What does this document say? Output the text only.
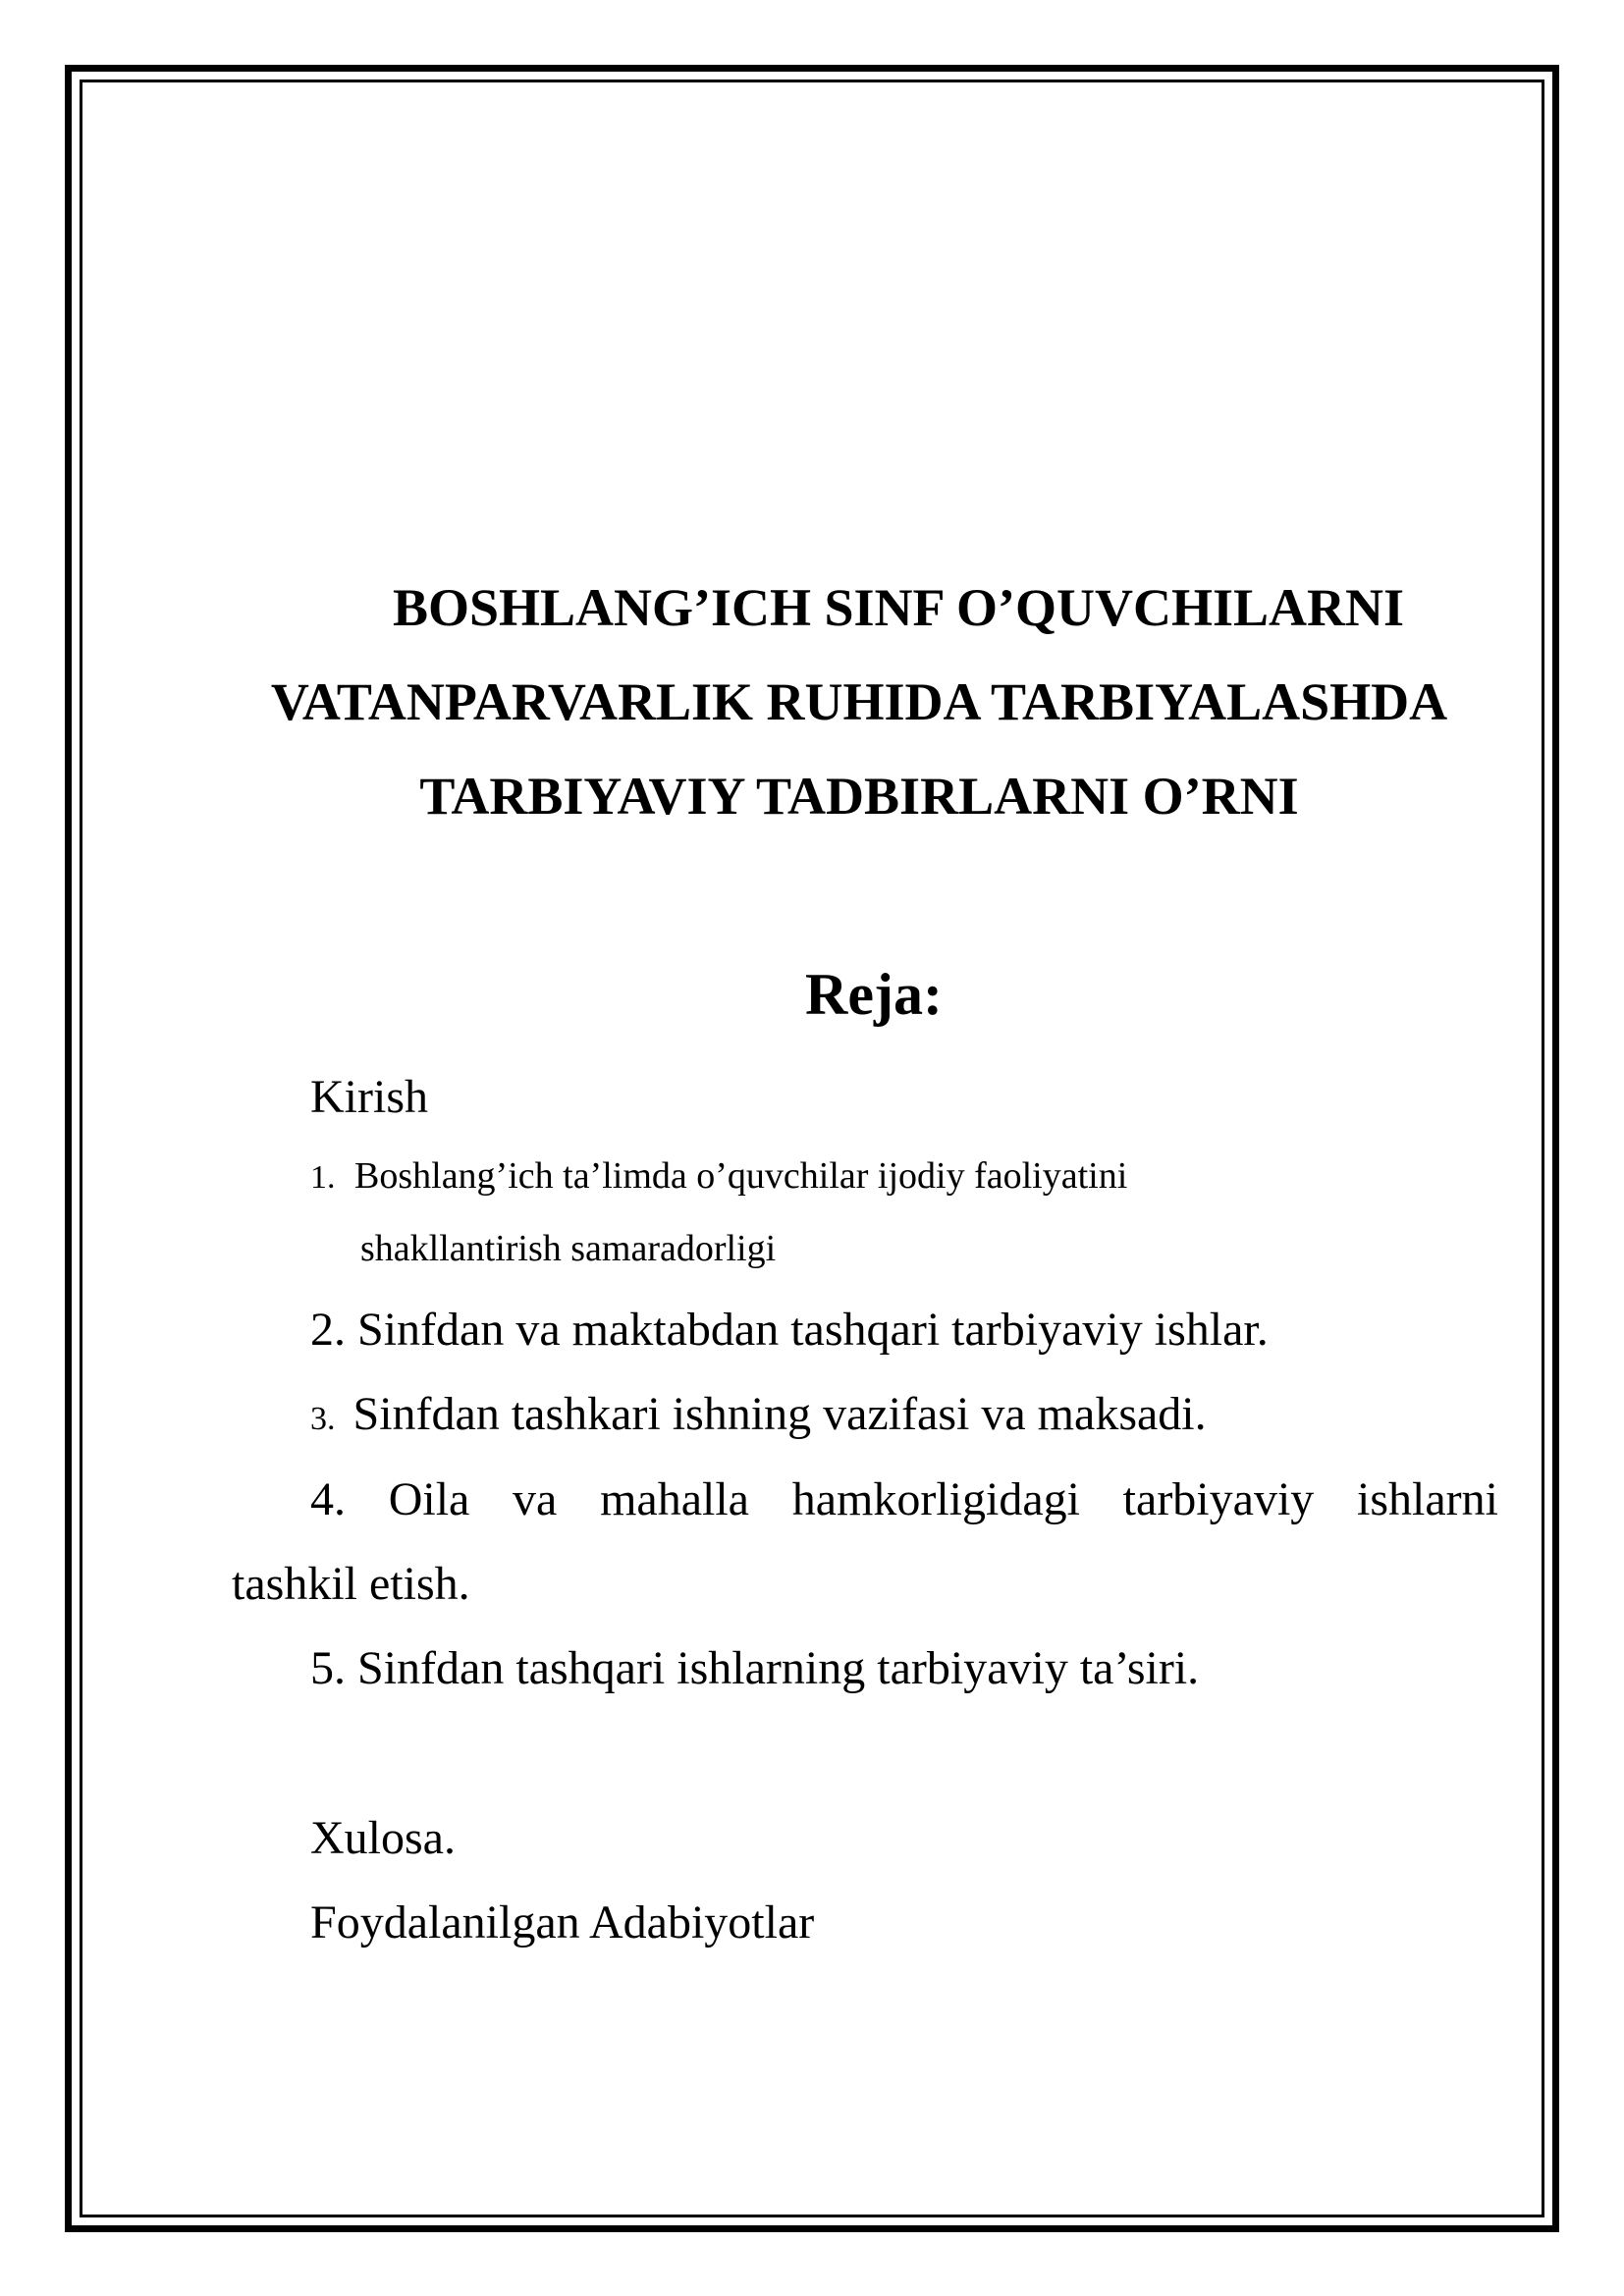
BOSHLANG’ICH SINF O’QUVCHILARNI
VATANPARVARLIK RUHIDA TARBIYALASHDA
TARBIYAVIY TADBIRLARNI O’RNI
Reja:
Kirish
1. Boshlang’ich ta’limda o’quvchilar ijodiy faoliyatini
shakllantirish samaradorligi
2. Sinfdan va maktabdan tashqari tarbiyaviy ishlar.
3. Sinfdan tashkari ishning vazifasi va maksadi.
4. Oila va mahalla hamkorligidagi tarbiyaviy ishlarni
tashkil etish.
5. Sinfdan tashqari ishlarning tarbiyaviy ta’siri.
Xulosa.
Foydalanilgan Adabiyotlar
